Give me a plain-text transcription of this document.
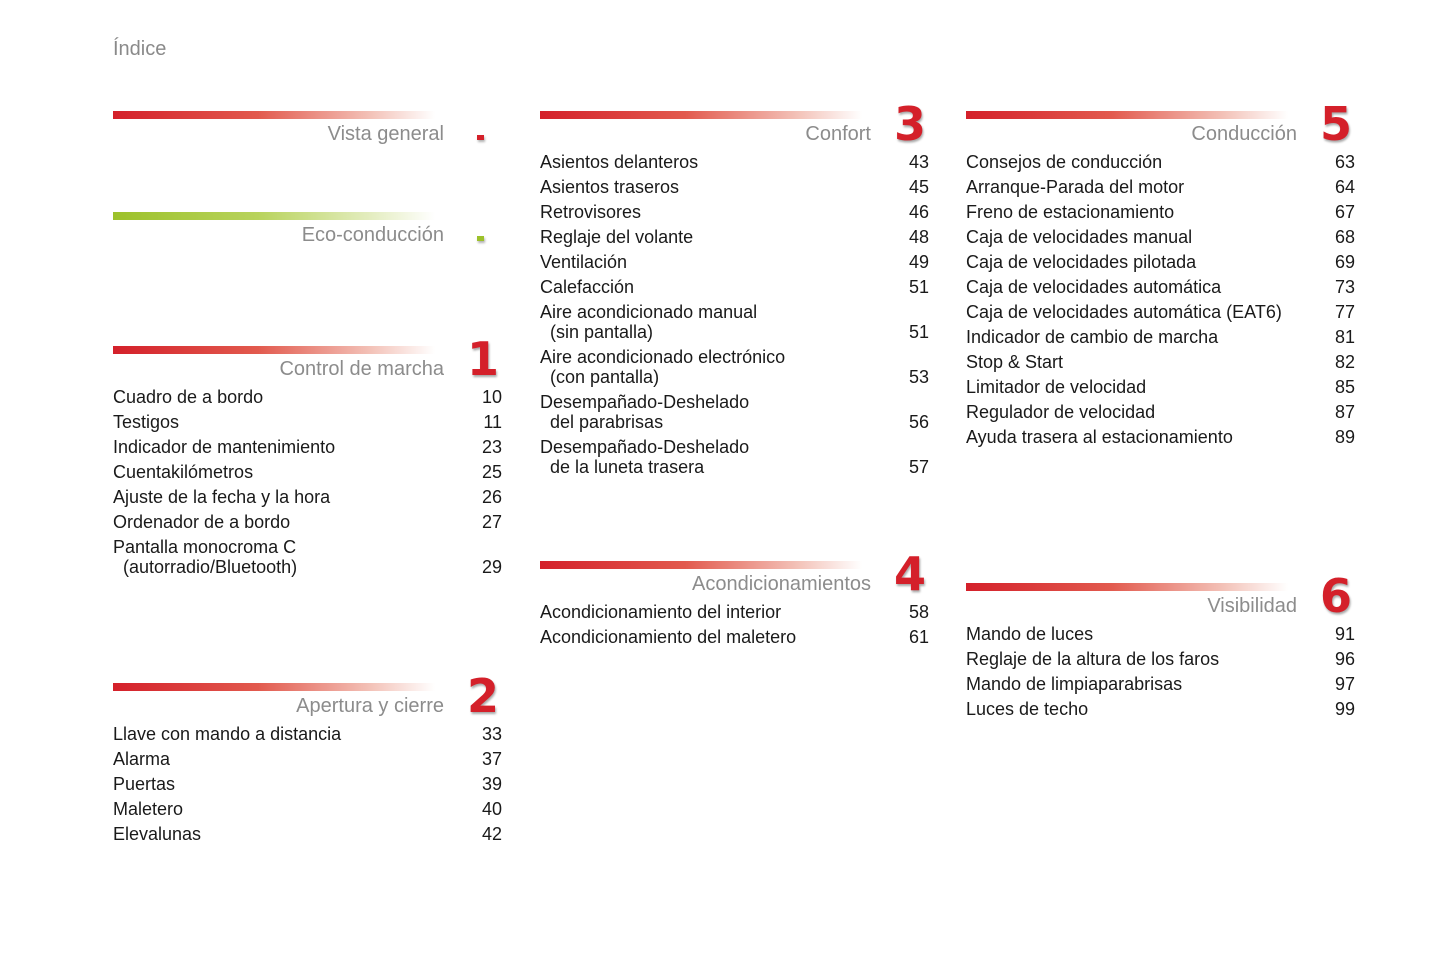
Índice
Vista general
Eco-conducción
Control de marcha 1
Cuadro de a bordo	10
Testigos	11
Indicador de mantenimiento	23
Cuentakilómetros	25
Ajuste de la fecha y la hora	26
Ordenador de a bordo	27
Pantalla monocroma C
(autorradio/Bluetooth)	29
Apertura y cierre 2
Llave con mando a distancia	33
Alarma	37
Puertas	39
Maletero	40
Elevalunas	42
Confort 3
Asientos delanteros	43
Asientos traseros	45
Retrovisores	46
Reglaje del volante	48
Ventilación	49
Calefacción	51
Aire acondicionado manual
(sin pantalla)	51
Aire acondicionado electrónico
(con pantalla)	53
Desempañado-Deshelado
del parabrisas	56
Desempañado-Deshelado
de la luneta trasera	57
Acondicionamientos 4
Acondicionamiento del interior	58
Acondicionamiento del maletero	61
Conducción 5
Consejos de conducción	63
Arranque-Parada del motor	64
Freno de estacionamiento	67
Caja de velocidades manual	68
Caja de velocidades pilotada	69
Caja de velocidades automática	73
Caja de velocidades automática (EAT6)	77
Indicador de cambio de marcha	81
Stop & Start	82
Limitador de velocidad	85
Regulador de velocidad	87
Ayuda trasera al estacionamiento	89
Visibilidad 6
Mando de luces	91
Reglaje de la altura de los faros	96
Mando de limpiaparabrisas	97
Luces de techo	99
